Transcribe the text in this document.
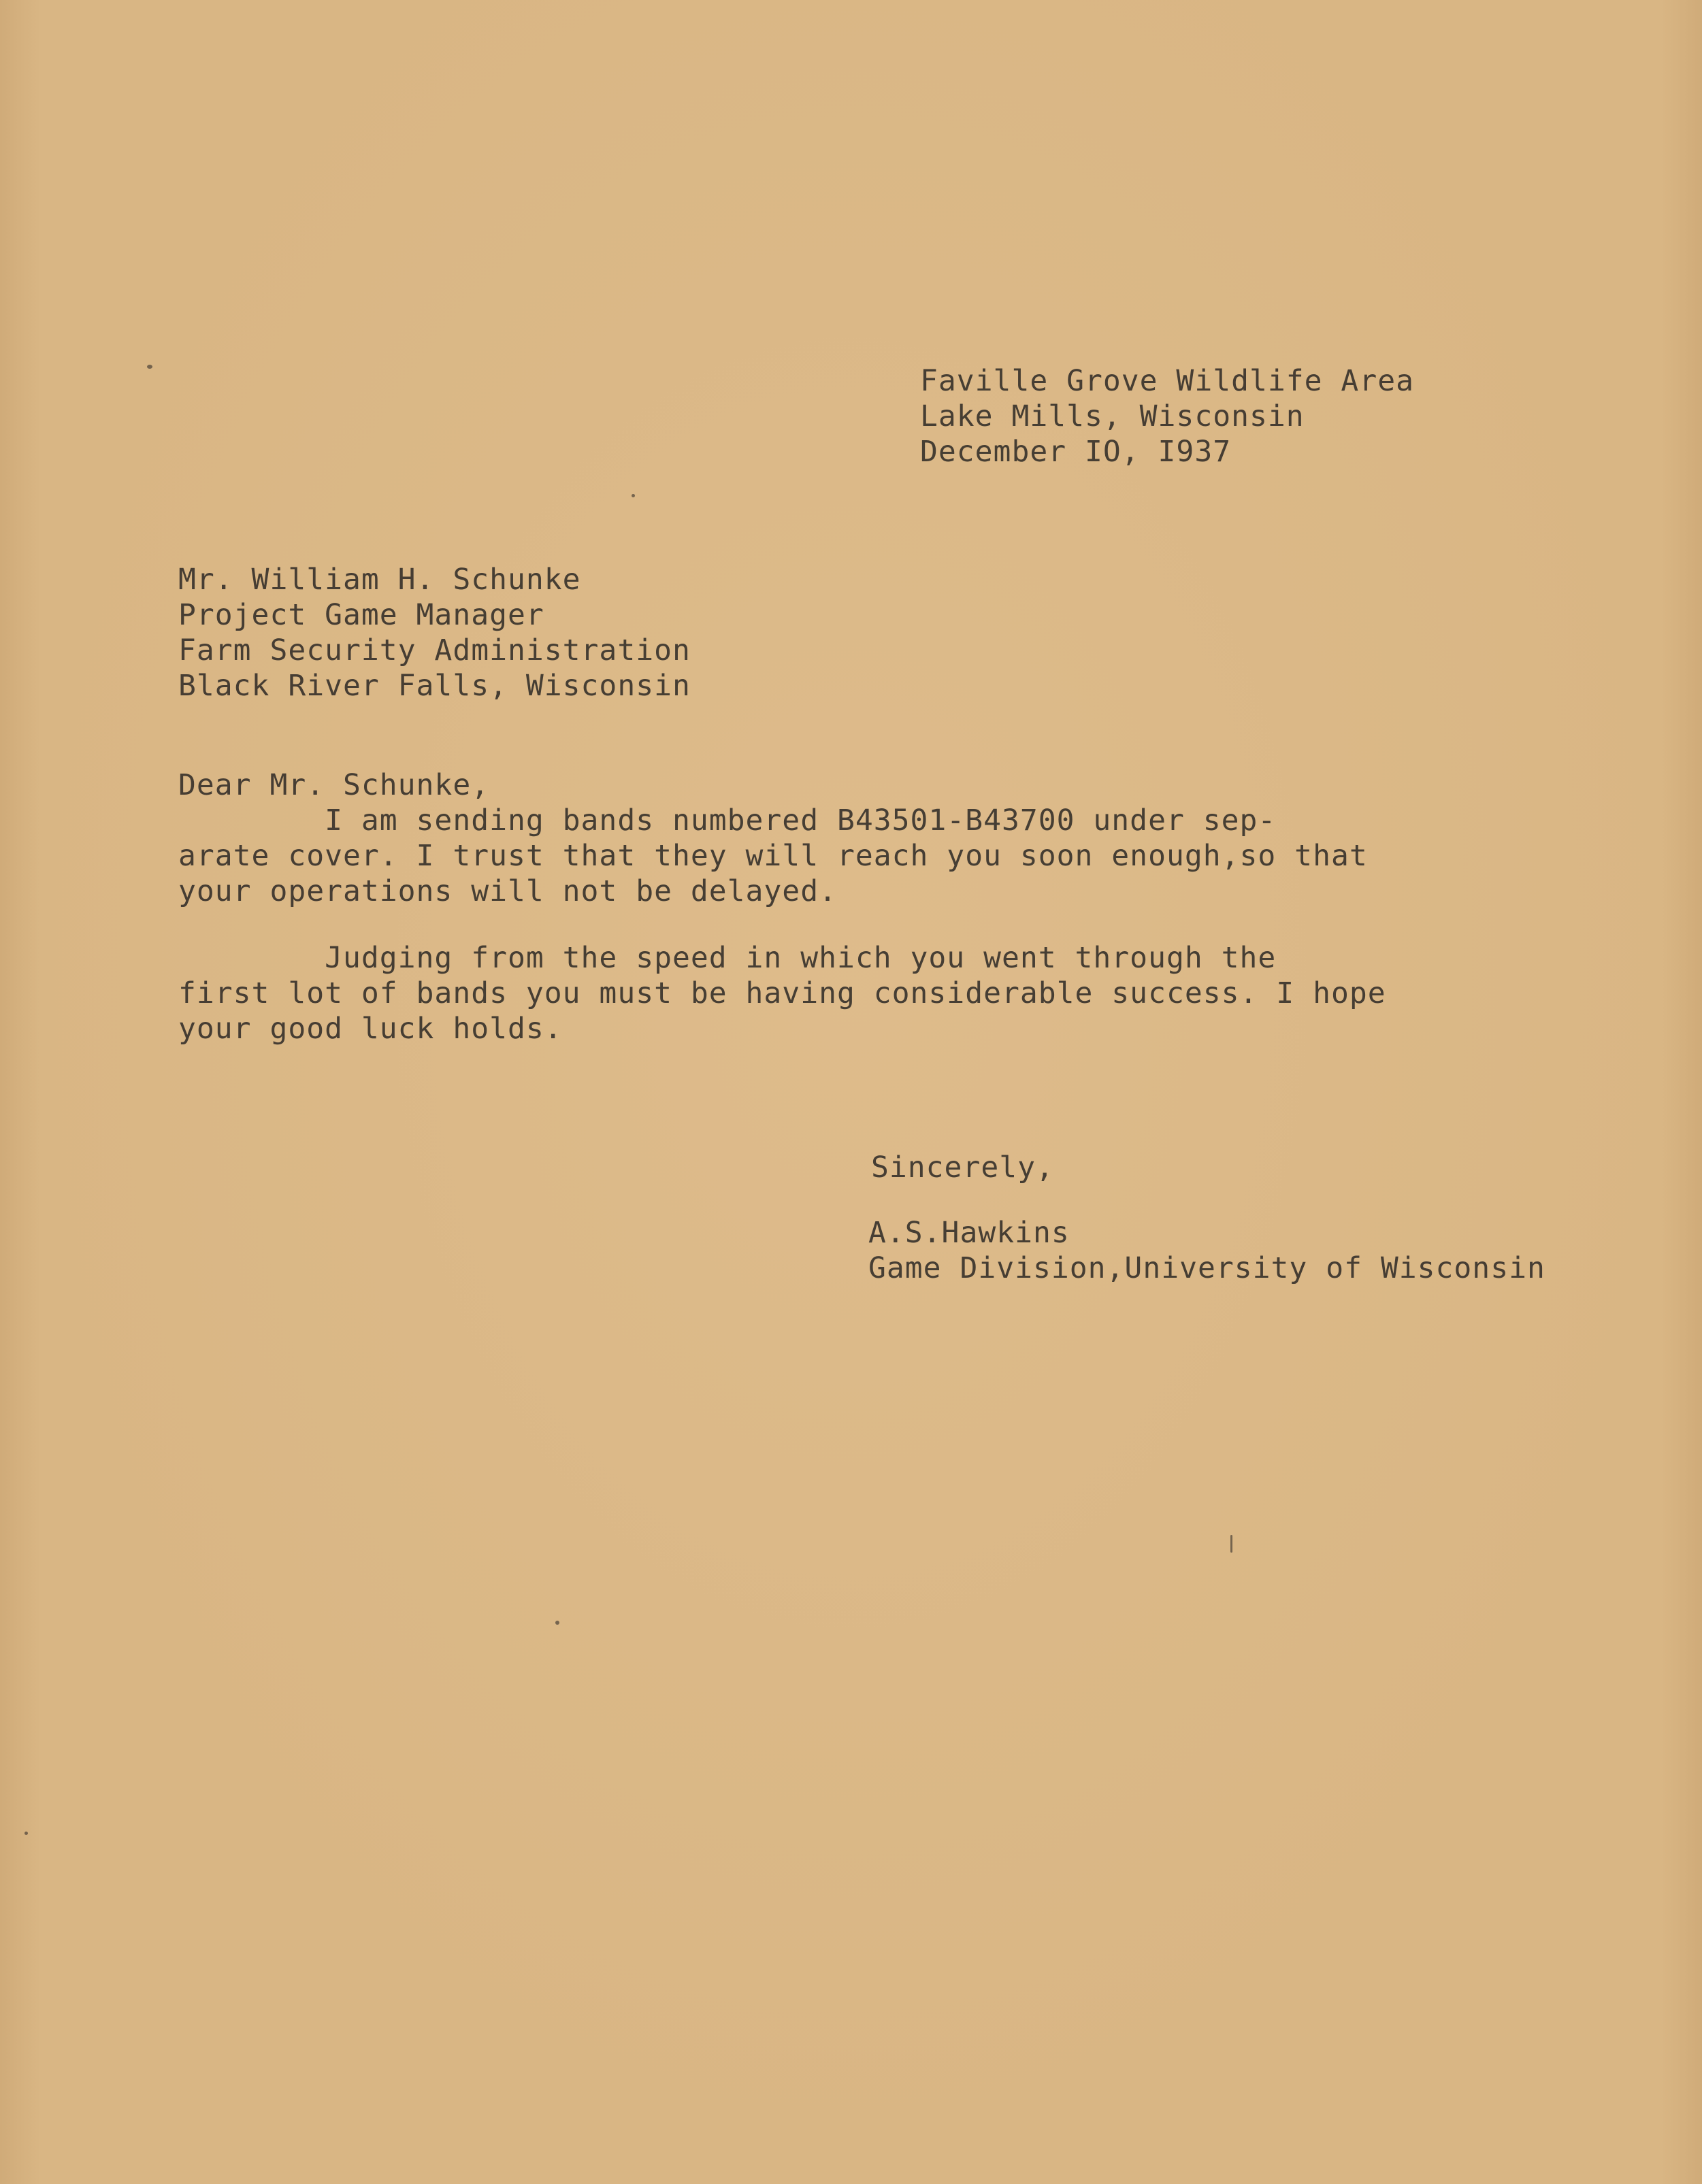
Faville Grove Wildlife Area
Lake Mills, Wisconsin
December IO, I937
Mr. William H. Schunke
Project Game Manager
Farm Security Administration
Black River Falls, Wisconsin
Dear Mr. Schunke,
I am sending bands numbered B43501-B43700 under sep-
arate cover. I trust that they will reach you soon enough,so that
your operations will not be delayed.
Judging from the speed in which you went through the
first lot of bands you must be having considerable success. I hope
your good luck holds.
Sincerely,
A.S.Hawkins
Game Division,University of Wisconsin
